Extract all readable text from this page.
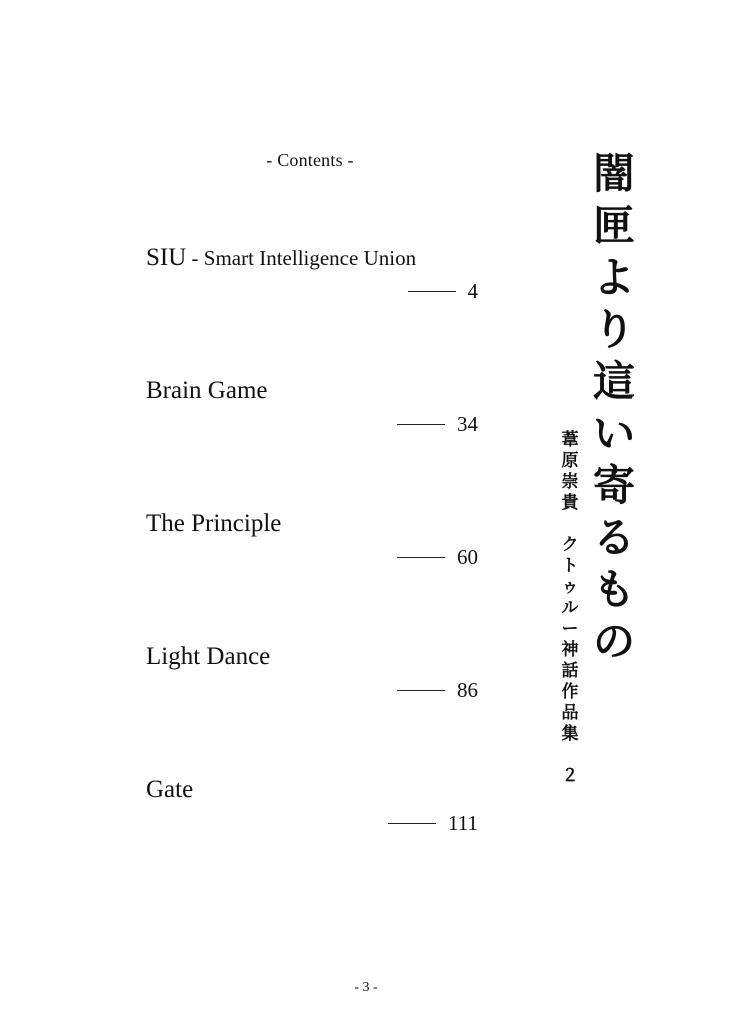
- Contents -
SIU - Smart Intelligence Union
4
Brain Game
34
The Principle
60
Light Dance
86
Gate
111
闇
匣
よ
り
這
い
寄
る
も
の
葦
原
崇
貴

ク
ト
ゥ
ル
ー
神
話
作
品
集

２
- 3 -
